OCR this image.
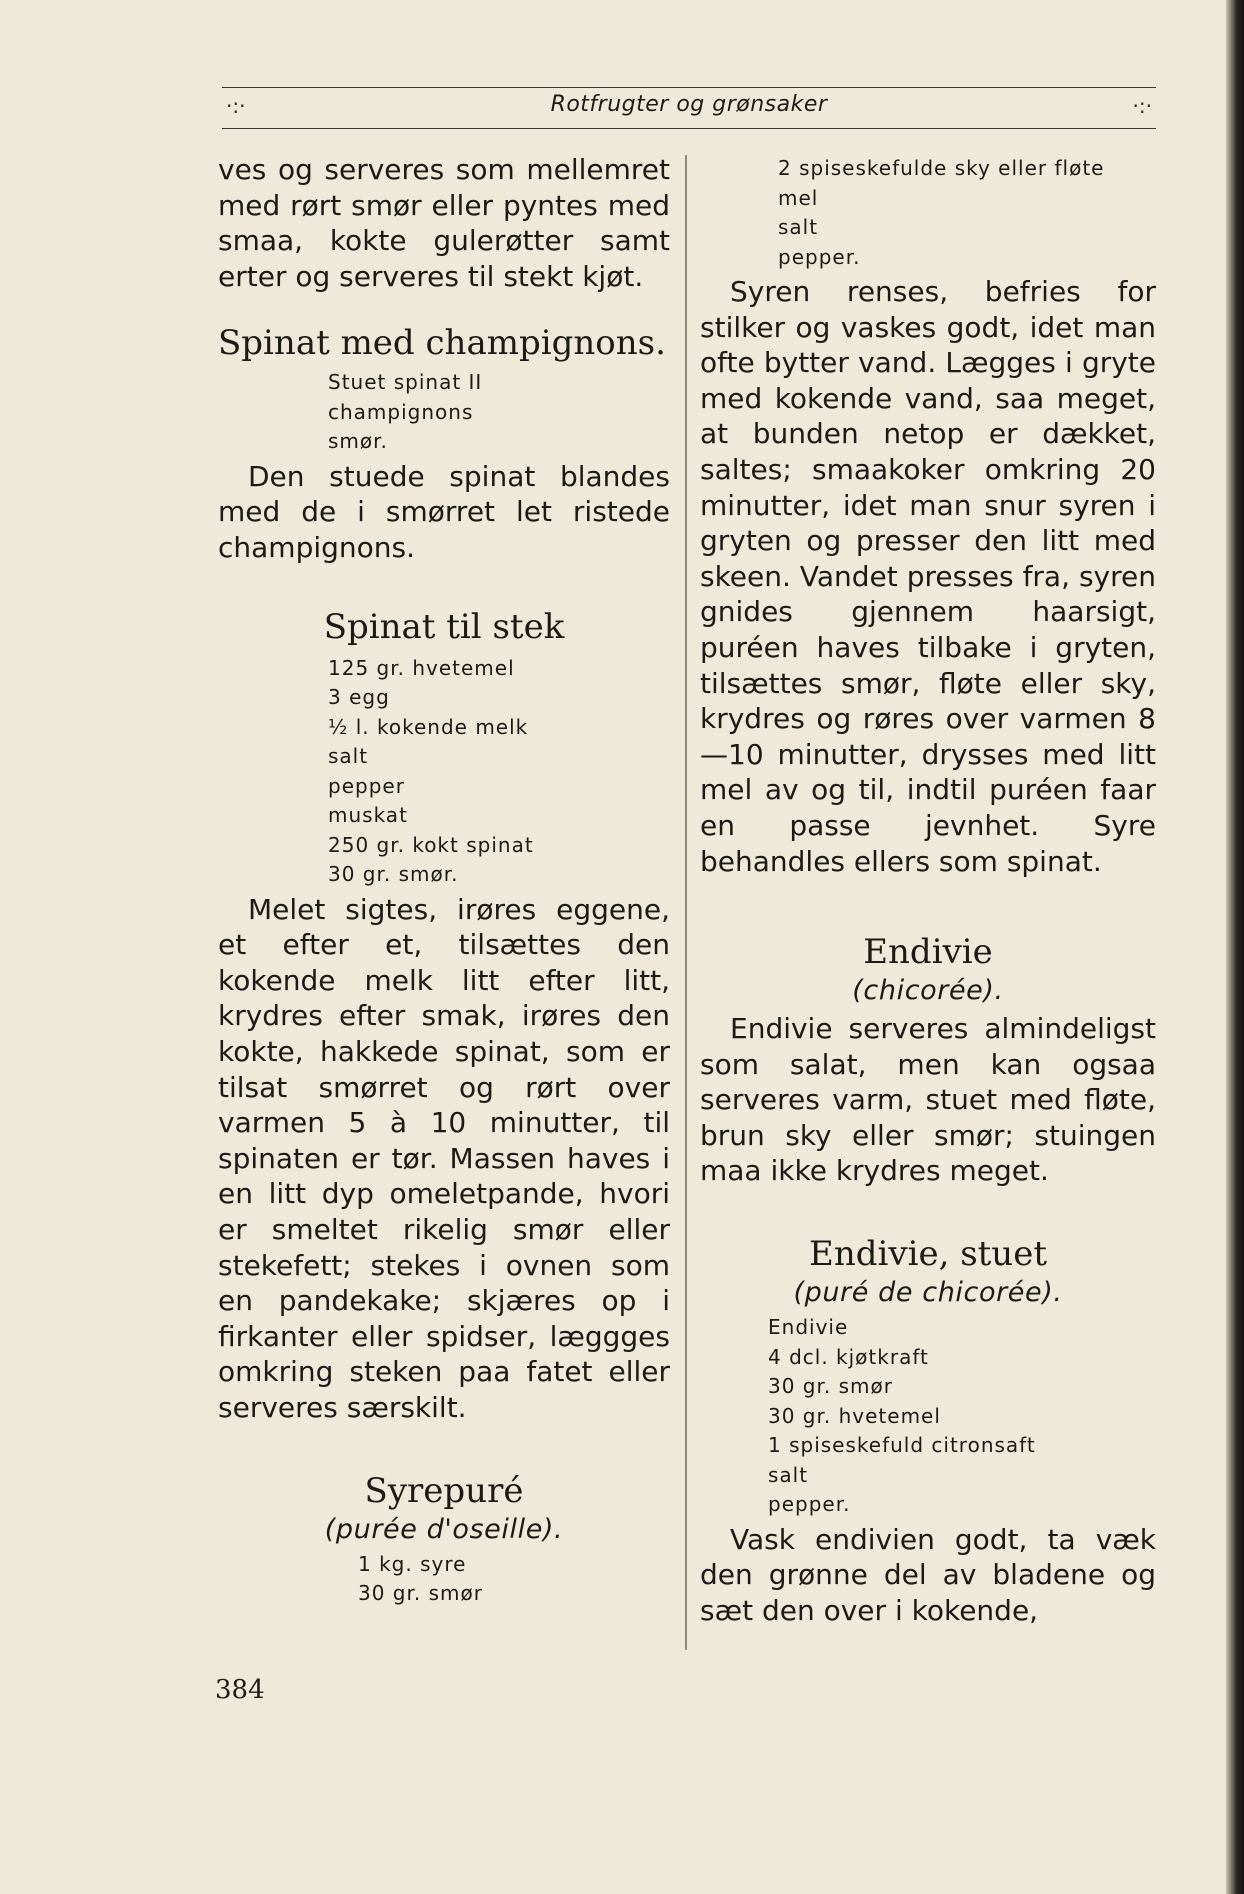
·:·	Rotfrugter og grønsaker	·:·

ves og serveres som mellemret med rørt smør eller pyntes med smaa, kokte gulerøtter samt erter og serveres til stekt kjøt.

Spinat med champignons.

Stuet spinat II
champignons
smør.

Den stuede spinat blandes med de i smørret let ristede champignons.

Spinat til stek

125 gr. hvetemel
3 egg
½ l. kokende melk
salt
pepper
muskat
250 gr. kokt spinat
30 gr. smør.

Melet sigtes, irøres eggene, et efter et, tilsættes den kokende melk litt efter litt, krydres efter smak, irøres den kokte, hakkede spinat, som er tilsat smørret og rørt over varmen 5 à 10 minutter, til spinaten er tør. Massen haves i en litt dyp omeletpande, hvori er smeltet rikelig smør eller stekefett; stekes i ovnen som en pandekake; skjæres op i firkanter eller spidser, læggges omkring steken paa fatet eller serveres særskilt.

Syrepuré

(purée d'oseille).

1 kg. syre
30 gr. smør
2 spiseskefulde sky eller fløte
mel
salt
pepper.

Syren renses, befries for stilker og vaskes godt, idet man ofte bytter vand. Lægges i gryte med kokende vand, saa meget, at bunden netop er dækket, saltes; smaakoker omkring 20 minutter, idet man snur syren i gryten og presser den litt med skeen. Vandet presses fra, syren gnides gjennem haarsigt, puréen haves tilbake i gryten, tilsættes smør, fløte eller sky, krydres og røres over varmen 8 —10 minutter, drysses med litt mel av og til, indtil puréen faar en passe jevnhet. Syre behandles ellers som spinat.

Endivie

(chicorée).

Endivie serveres almindeligst som salat, men kan ogsaa serveres varm, stuet med fløte, brun sky eller smør; stuingen maa ikke krydres meget.

Endivie, stuet

(puré de chicorée).

Endivie
4 dcl. kjøtkraft
30 gr. smør
30 gr. hvetemel
1 spiseskefuld citronsaft
salt
pepper.

Vask endivien godt, ta væk den grønne del av bladene og sæt den over i kokende,

384
